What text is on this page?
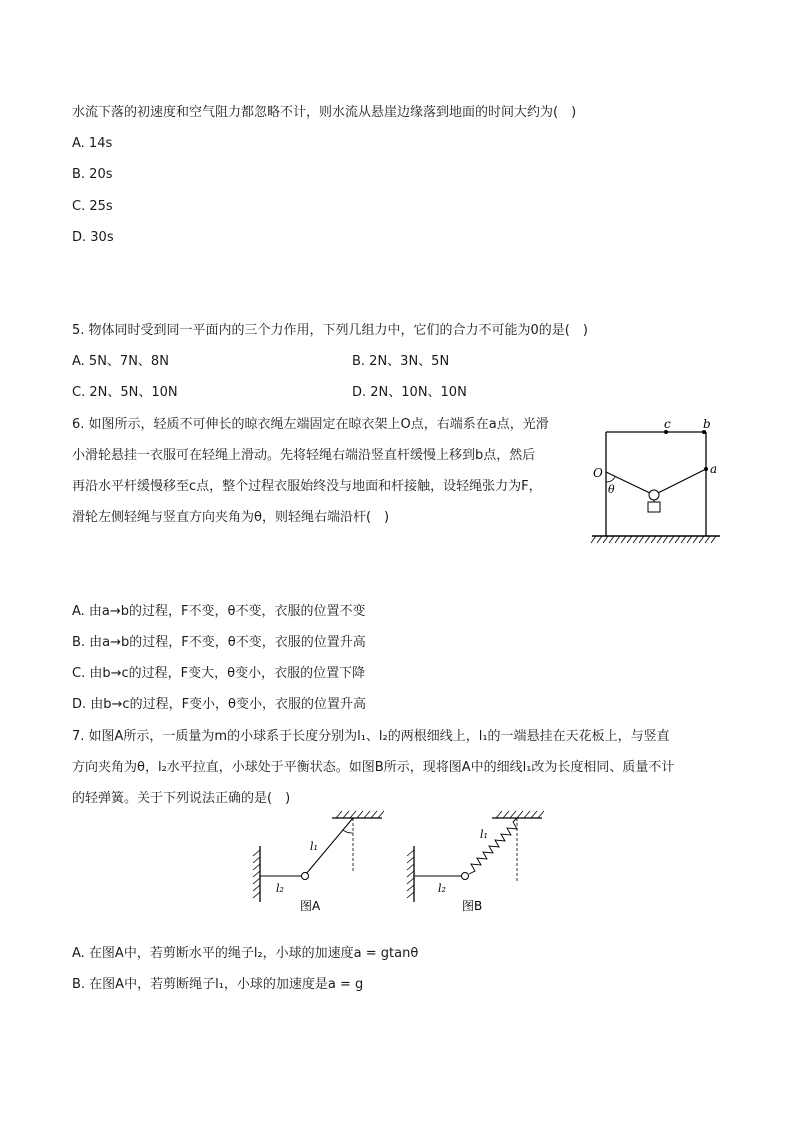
水流下落的初速度和空气阻力都忽略不计，则水流从悬崖边缘落到地面的时间大约为(　)
A. 14s
B. 20s
C. 25s
D. 30s
5. 物体同时受到同一平面内的三个力作用，下列几组力中，它们的合力不可能为0的是(　)
A. 5N、7N、8N	B. 2N、3N、5N
C. 2N、5N、10N	D. 2N、10N、10N
6. 如图所示，轻质不可伸长的晾衣绳左端固定在晾衣架上O点，右端系在a点，光滑
小滑轮悬挂一衣服可在轻绳上滑动。先将轻绳右端沿竖直杆缓慢上移到b点，然后
再沿水平杆缓慢移至c点，整个过程衣服始终没与地面和杆接触，设轻绳张力为F，
滑轮左侧轻绳与竖直方向夹角为θ，则轻绳右端沿杆(　)
c	b
O	a
θ
A. 由a→b的过程，F不变，θ不变，衣服的位置不变
B. 由a→b的过程，F不变，θ不变，衣服的位置升高
C. 由b→c的过程，F变大，θ变小，衣服的位置下降
D. 由b→c的过程，F变小，θ变小，衣服的位置升高
7. 如图A所示，一质量为m的小球系于长度分别为l₁、l₂的两根细线上，l₁的一端悬挂在天花板上，与竖直
方向夹角为θ，l₂水平拉直，小球处于平衡状态。如图B所示，现将图A中的细线l₁改为长度相同、质量不计
的轻弹簧。关于下列说法正确的是(　)
l₁
l₂
图A
l₁
l₂
图B
A. 在图A中，若剪断水平的绳子l₂，小球的加速度a = gtanθ
B. 在图A中，若剪断绳子l₁，小球的加速度是a = g
